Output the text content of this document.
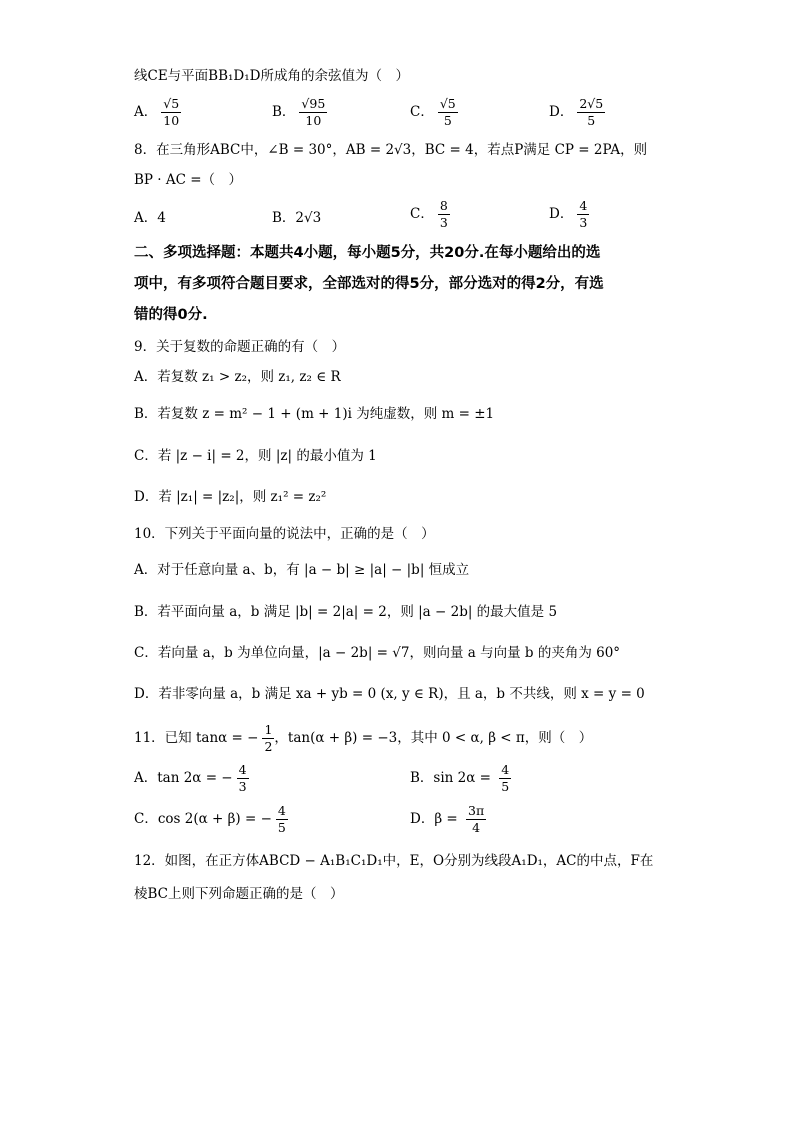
线CE与平面BB₁D₁D所成角的余弦值为（　）
A． $\frac{√5}{10}$	B． $\frac{√95}{10}$	C． $\frac{√5}{5}$	D． $\frac{2√5}{5}$
8．在三角形ABC中，∠B = 30°，AB = 2√3，BC = 4，若点P满足 CP = 2PA，则
BP · AC =（　）
A．4	B．2√3	C． $\frac{8}{3}$	D． $\frac{4}{3}$
二、多项选择题：本题共4小题，每小题5分，共20分.在每小题给出的选
项中，有多项符合题目要求，全部选对的得5分，部分选对的得2分，有选
错的得0分.
9．关于复数的命题正确的有（　）
A．若复数 z₁ > z₂，则 z₁, z₂ ∈ R
B．若复数 z = m² − 1 + (m + 1)i 为纯虚数，则 m = ±1
C．若 |z − i| = 2，则 |z| 的最小值为 1
D．若 |z₁| = |z₂|，则 z₁² = z₂²
10．下列关于平面向量的说法中，正确的是（　）
A．对于任意向量 a、b，有 |a − b| ≥ |a| − |b| 恒成立
B．若平面向量 a，b 满足 |b| = 2|a| = 2，则 |a − 2b| 的最大值是 5
C．若向量 a，b 为单位向量，|a − 2b| = √7，则向量 a 与向量 b 的夹角为 60°
D．若非零向量 a，b 满足 xa + yb = 0 (x, y ∈ R)，且 a，b 不共线，则 x = y = 0
11．已知 tanα = − $\frac{1}{2}$ ，tan(α + β) = −3，其中 0 < α, β < π，则（　）
A．tan 2α = − $\frac{4}{3}$	B．$\sin 2\alpha = \frac{4}{5}$
C．cos 2(α + β) = − $\frac{4}{5}$	D．$\beta = \frac{3\pi}{4}$
12．如图，在正方体ABCD − A₁B₁C₁D₁中，E，O分别为线段A₁D₁，AC的中点，F在
棱BC上则下列命题正确的是（　）
